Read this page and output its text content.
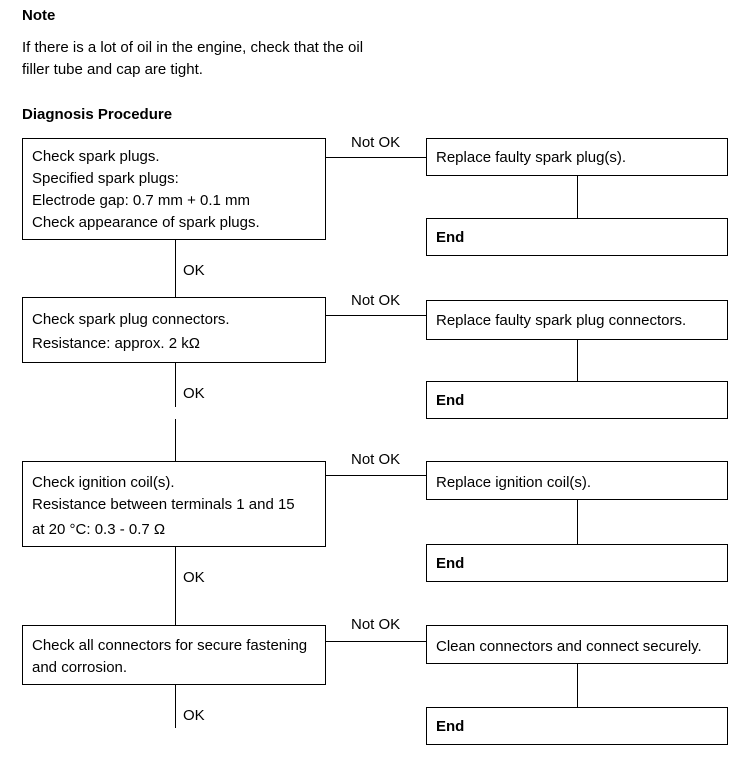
Note
If there is a lot of oil in the engine, check that the oil
filler tube and cap are tight.
Diagnosis Procedure
Check spark plugs.
Specified spark plugs:
Electrode gap: 0.7 mm + 0.1 mm
Check appearance of spark plugs.
Not OK
Replace faulty spark plug(s).
End
OK
Check spark plug connectors.
Resistance: approx. 2 kΩ
Not OK
Replace faulty spark plug connectors.
End
OK
Check ignition coil(s).
Resistance between terminals 1 and 15
at 20 °C: 0.3 - 0.7 Ω
Not OK
Replace ignition coil(s).
End
OK
Check all connectors for secure fastening
and corrosion.
Not OK
Clean connectors and connect securely.
End
OK
